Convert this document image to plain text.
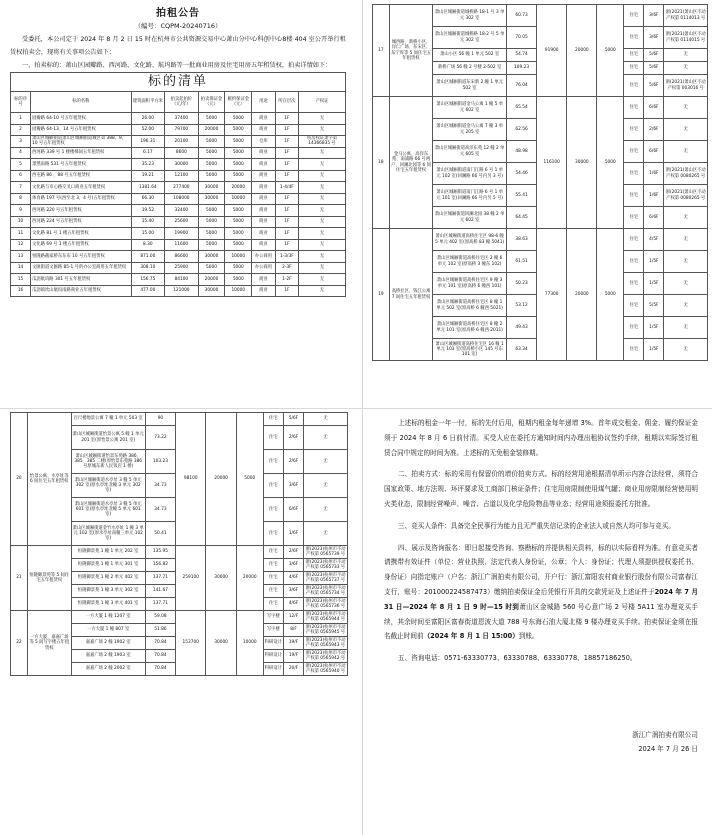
拍租公告
（编号：CQPM-20240716）

受委托，本公司定于 2024 年 8 月 2 日 15 时在杭州市公共资源交易中心萧山分中心科创中心8楼 404 室公开举行租赁权拍卖会，现将有关事项公告如下：

一、拍卖标的：萧山区园瓣路、西河路、文化路、航坞路等一批商业用房及住宅用房五年租赁权，拍卖详情如下：

标的清单
标的序号	标的名称	建筑面积平方米	拍卖起拍价（元/年）	拍卖保证金（元）	履约保证金（元）	用途	所在层次	产权证
1	园瓣路 64-10 号五年租赁权	26.00	37400	5000	5000	商业	1F	无
2	园瓣路 64-13、14 号五年租赁权	52.00	79700	20000	5000	商业	1F	无
3	萧山区城厢街道萧山区城厢街道城区第 388、9、10 号五年租赁权	196.31	20100	5000	5000	仓库	1F	杭房权证萧字第 14366835 号
4	西河路 339 号 1 楼楼梯间五年租赁权	6.17	8600	5000	5000	商业	1F	无
5	萧然南路 531 号五年租赁权	35.23	30000	5000	5000	商业	1F	无
6	西屯路 86 、88 号五年租赁权	19.21	12100	5000	5000	商业	1F	无
7	文化路与市心路交叉口商业五年租赁权	1381.64	277400	30000	20000	商业	1-4/4F	无
8	体育路 197 号(西至北 3、4 号)五年租赁权	66.30	108000	30000	10000	商业	1F	无
9	西河路 220 号五年租赁权	19.52	32400	5000	5000	商业	1F	无
10	西河路 224 号五年租赁权	15.40	25600	5000	5000	商业	1F	无
11	文化路 81 号 1 楼五年租赁权	15.00	19900	5000	5000	商业	1F	无
12	文化路 69 号 1 楼五年租赁权	8.30	11600	5000	5000	商业	1F	无
13	恒隆路截家桥东东布 10 号五年租赁权	871.00	86600	30000	10000	办公商用	1-3/3F	无
14	文匯街道文匯路 85-1 号的办公室商用五年租赁权	308.10	25900	5000	5000	办公商用	2-3F	无
15	瓜沥航坞路 301 号五年租赁权	156.75	84100	20000	5000	商业	1-2F	无
16	瓜沥镇坎山航坞南路商业五年租赁权	477.00	121000	30000	10000	商业	1F	无
17	城西路、新桥小区，岸仁广场、东宋区、东宁库等 5 间住宅五年租赁权	萧山区城厢街道城桥路 18-1 号 3 单元 302 室	60.73	91900	20000	5000	住宅	3/6F	浙(2021)萧山区不动产权第 0114013 号
		萧山区城厢街道城桥路 18-2 号 5 单元 302 室	70.05				住宅	3/6F	浙(2021)萧山区不动产权第 0114015 号
		萧山小区 56 幢 1 单元 502 室	54.74				住宅	5/6F	无
		新桥广场 56 幢 2 号楼 2-502 室	109.23				住宅	5/6F	无
		萧山区城厢街道东宋新 2 幢 1 单元 502 室	76.04				住宅	5/6F	浙(2021)萧山区不动产权第 003016 号
18	金马公寓、高洋东苑、南浦路 66 号两户、回澜北园等 6 间住宅五年租赁权	萧山区城厢街道金马公寓 1 幢 5 单元 602 室	65.54	116100	30000	5000	住宅	6/6F	无
		萧山区城厢街道金马公寓 7 幢 3 单元 205 室	62.56				住宅	2/6F	无
		萧山区城厢街道高洋东苑 12 幢 2 单元 605 室	48.98				住宅	6/6F	无
		萧山区城厢街道南门江路 6 号 1 单元 102 室(回澜路 66 号内另 3 号)	54.46				住宅	1/6F	浙(2021)萧山区不动产权第 0080265 号
		萧山区城厢街道南门江路 6 号 1 单元 101 室(回澜路 66 号内另 5 号)	55.41				住宅	1/6F	浙(2021)萧山区不动产权第 0080265 号
		萧山区城厢街道回澜北园 38 幢 2 单元 602 室	64.45				住宅	6/6F	无
19	高桥社区、钱江公寓 7 间住宅五年租赁权	萧山区城厢街道高桥住宅区 98-6 幢 5 单元 402 室(原高桥 83 幢 5041)	38.63	77300	20000	5000	住宅	4/5F	无
		萧山区城厢街道高桥住宅区 2 幢 6 单元 102 室(原高桥 3 幢东 102)	61.51				住宅	1/5F	无
		萧山区城厢街道高桥住宅区 9 幢 3 单元 101 室(原高桥 6 幢西 101)	50.23				住宅	1/5F	无
		萧山区城厢街道高桥住宅区 8 幢 1 单元 502 室(原高桥 6 幢西 5021)	53.12				住宅	5/5F	无
		萧山区城厢街道高桥住宅区 8 幢 2 单元 101 室(原高桥 6 幢西 2011)	49.43				住宅	1/5F	无
		萧山区城厢街道高桥住宅区 16 幢 1 单元 103 室(原高桥小区 145 号东 101 室)	63.34				住宅	1/5F	无
20	怡景公寓、水亭址等 6 间住宅五年租赁权	百尺楼地景公寓 7 幢 1 单元 503 室	90	98100	20000	5000	住宅	5/6F	无
		萧山区城厢街道怡景公寓 5 幢 1 单元 201 室(原怡景公寓 201 室)	73.22				住宅	2/6F	无
		萧山区城厢街道怡景东苑路 386、385、385 二楼(原怡景东苑路 386 号原城东新人民饭店 1 楼)	103.23				住宅	2/6F	无
		萧山区城厢街道水亭址 3 幢 5 单元 302 室(原水亭址北幢 3 单元 302 室)	34.73				住宅	3/6F	无
		萧山区城厢街道水亭址 3 幢 5 单元 601 室(原水亭址北幢 5 单元 601 室)	34.73				住宅	6/6F	无
		萧山区城厢街道金竹水亭址 1 幢 3 单元 102 室(原水亭址南幢三单元 102 室)	50.41				住宅	1/6F	无
21	恒隆御景苑等 5 间住宅五年租赁权	恒隆御景苑 1 幢 1 单元 202 室	135.95	259100	30000	20000	住宅	2/6F	浙(2023)杭州市不动产权第 0565739 号
		恒隆御景苑 1 幢 1 单元 301 室	156.82				住宅	3/6F	浙(2023)杭州市不动产权第 0565733 号
		恒隆御景苑 1 幢 2 单元 402 室	137.71				住宅	4/6F	浙(2023)杭州市不动产权第 0565737 号
		恒隆御景苑 1 幢 3 单元 302 室	141.67				住宅	3/6F	浙(2023)杭州市不动产权第 0565734 号
		恒隆御景苑 1 幢 3 单元 401 室	137.71				住宅	4/6F	浙(2023)杭州市不动产权第 0565736 号
22	一方大厦、嘉嘉广场等 5 间写字楼五年租赁权	一方大厦 1 幢 1207 室	59.08	153700	30000	10000	写字楼	12/F	浙(2023)杭州市不动产权第 0565944 号
		一方大厦 1 幢 807 室	51.86				写字楼	8/F	浙(2023)杭州市不动产权第 0565945 号
		嘉嘉广场 2 幢 1902 室	70.84				科研设计	19/F	浙(2023)杭州市不动产权第 0565943 号
		嘉嘉广场 2 幢 1903 室	70.84				科研设计	19/F	浙(2023)杭州市不动产权第 0565942 号
		嘉嘉广场 2 幢 2002 室	70.84				科研设计	20/F	浙(2023)杭州市不动产权第 0565940 号

上述标的租金一年一付，标的先付后用，租期内租金每年递增 3%。首年成交租金、佣金、履约保证金须于 2024 年 8 月 6 日前付清。买受人应在委托方通知时间内办理出租协议签约手续，租期以实际签订租赁合同中规定的时间为准。上述标的无免租金装修期。

二、拍卖方式：标的采用有保留价的增价拍卖方式。标的经营用途根据清单所示内容合法经营，须符合国家政策、地方法规、环评要求及工商部门核证条件；住宅用房限制使用煤气罐；商业用房限制经营使用明火类业态，限制经营噪声、噪音、占道以及化学危险物品等业态；经营用途须报委托方批准。

三、竞买人条件：具备完全民事行为能力且无严重失信记录的企业法人或自然人均可参与竞买。

四、展示及咨询报名：即日起接受咨询、察勘标的并提供相关资料，标的以实际看样为准。有意竞买者请携带有效证件（单位：营业执照、法定代表人身份证，公章；个人：身份证；代理人须提供授权委托书、身份证）向指定账户（户名：浙江广润拍卖有限公司，开户行：浙江富阳农村商业银行股份有限公司富春江支行，账号：201000224587473）缴纳拍卖保证金后凭银行开具的交款凭证及上述证件于2024 年 7 月 31 日—2024 年 8 月 1 日 9 时—15 时到萧山区金城路 560 号心意广场 2 号楼 5A11 室办理竞买手续，其余时间至富阳区富春街道恩波大道 788 号东海石油大厦北楼 9 楼办理竞买手续。拍卖保证金须在报名截止时间前（2024 年 8 月 1 日 15:00）到账。

五、咨询电话：0571-63330773、63330788、63330778、18857186250。

浙江广润拍卖有限公司
2024 年 7 月 26 日
